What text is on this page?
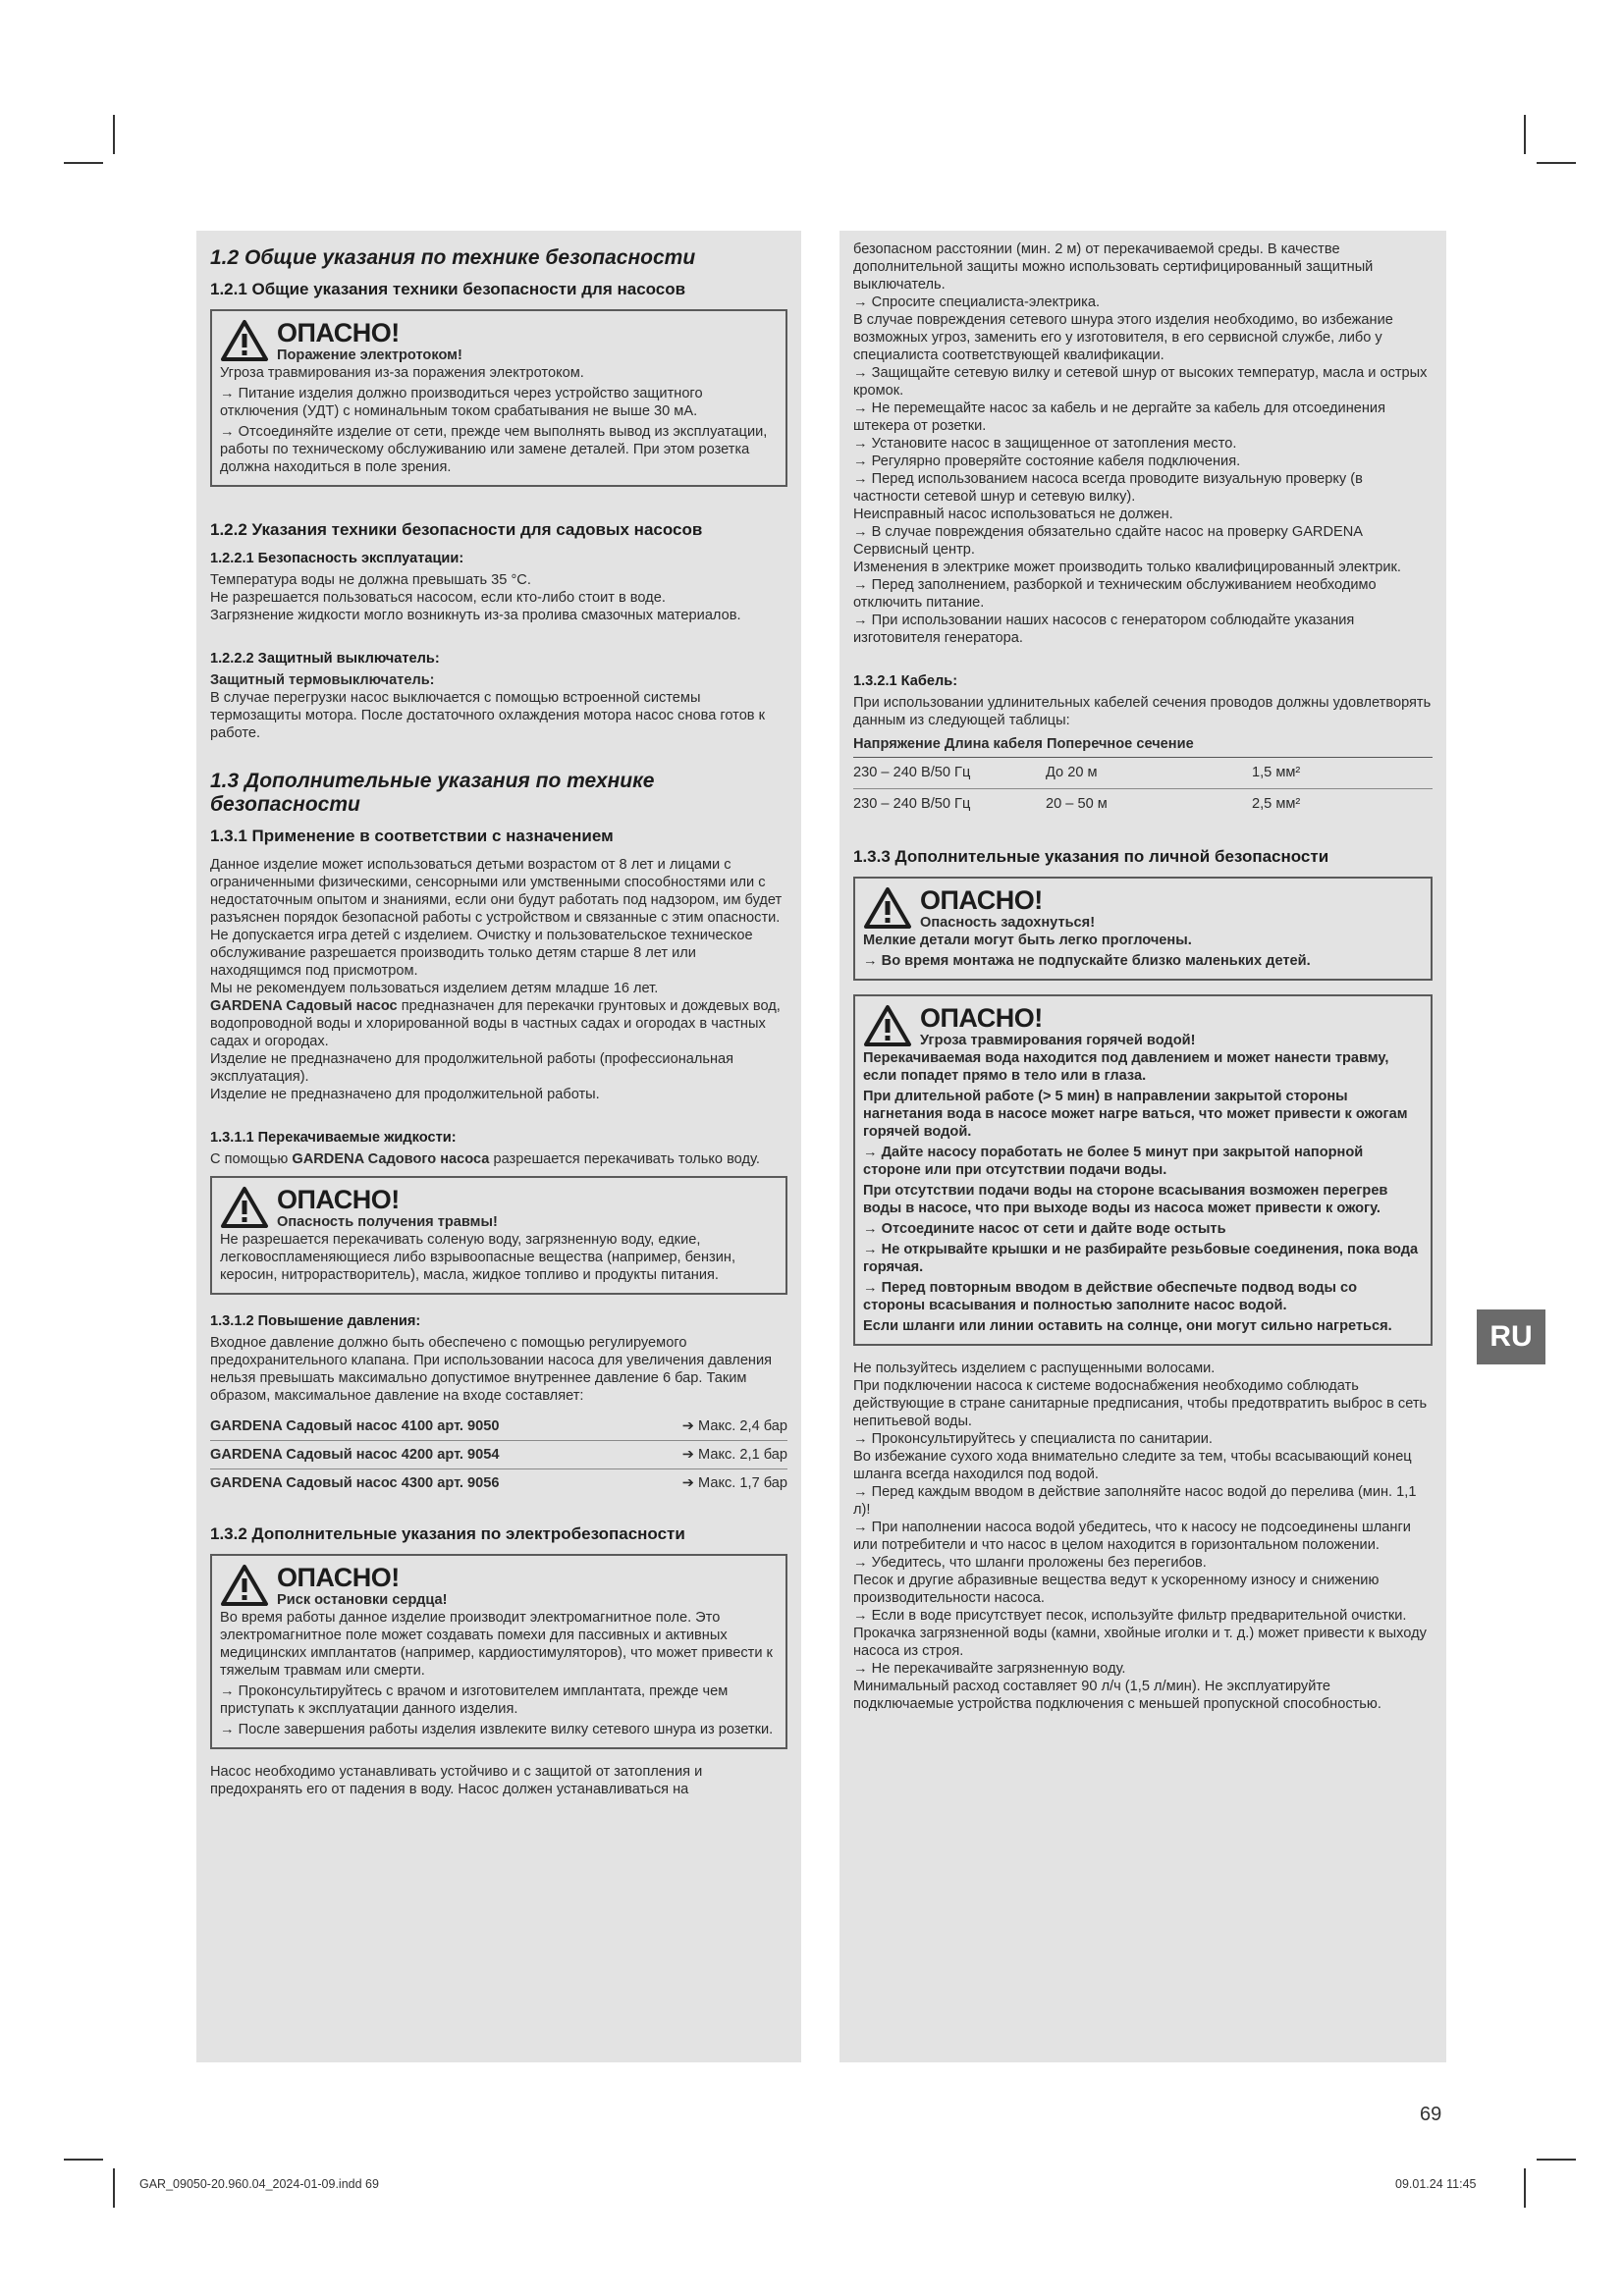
1.2 Общие указания по технике безопасности
1.2.1 Общие указания техники безопасности для насосов
ОПАСНО!
Поражение электротоком!

Угроза травмирования из-за поражения электротоком.

→ Питание изделия должно производиться через устройство защитного отключения (УДТ) с номинальным током срабатывания не выше 30 мА.

→ Отсоединяйте изделие от сети, прежде чем выполнять вывод из эксплуатации, работы по техническому обслуживанию или замене деталей. При этом розетка должна находиться в поле зрения.

1.2.2 Указания техники безопасности для садовых насосов
1.2.2.1 Безопасность эксплуатации:

Температура воды не должна превышать 35 °C.

Не разрешается пользоваться насосом, если кто-либо стоит в воде.

Загрязнение жидкости могло возникнуть из-за пролива смазочных материалов.

1.2.2.2 Защитный выключатель:

Защитный термовыключатель:

В случае перегрузки насос выключается с помощью встроенной системы термозащиты мотора. После достаточного охлаждения мотора насос снова готов к работе.

1.3 Дополнительные указания по технике безопасности
1.3.1 Применение в соответствии с назначением

Данное изделие может использоваться детьми возрастом от 8 лет и лицами с ограниченными физическими, сенсорными или умственными способностями или с недостаточным опытом и знаниями, если они будут работать под надзором, им будет разъяснен порядок безопасной работы с устройством и связанные с этим опасности. Не допускается игра детей с изделием. Очистку и пользовательское техническое обслуживание разрешается производить только детям старше 8 лет или находящимся под присмотром.

Мы не рекомендуем пользоваться изделием детям младше 16 лет.

GARDENA Садовый насос предназначен для перекачки грунтовых и дождевых вод, водопроводной воды и хлорированной воды в частных садах и огородах в частных садах и огородах.

Изделие не предназначено для продолжительной работы (профессиональная эксплуатация).

Изделие не предназначено для продолжительной работы.

1.3.1.1 Перекачиваемые жидкости:

С помощью GARDENA Садового насоса разрешается перекачивать только воду.

ОПАСНО!
Опасность получения травмы!

Не разрешается перекачивать соленую воду, загрязненную воду, едкие, легковоспламеняющиеся либо взрывоопасные вещества (например, бензин, керосин, нитрорастворитель), масла, жидкое топливо и продукты питания.

1.3.1.2 Повышение давления:

Входное давление должно быть обеспечено с помощью регулируемого предохранительного клапана. При использовании насоса для увеличения давления нельзя превышать максимально допустимое внутреннее давление 6 бар. Таким образом, максимальное давление на входе составляет:

GARDENA Садовый насос 4100 арт. 9050	➔ Макс. 2,4 бар
GARDENA Садовый насос 4200 арт. 9054	➔ Макс. 2,1 бар
GARDENA Садовый насос 4300 арт. 9056	➔ Макс. 1,7 бар
1.3.2 Дополнительные указания по электробезопасности
ОПАСНО!
Риск остановки сердца!

Во время работы данное изделие производит электромагнитное поле. Это электромагнитное поле может создавать помехи для пассивных и активных медицинских имплантатов (например, кардиостимуляторов), что может привести к тяжелым травмам или смерти.

→ Проконсультируйтесь с врачом и изготовителем имплантата, прежде чем приступать к эксплуатации данного изделия.

→ После завершения работы изделия извлеките вилку сетевого шнура из розетки.

Насос необходимо устанавливать устойчиво и с защитой от затопления и предохранять его от падения в воду. Насос должен устанавливаться на

безопасном расстоянии (мин. 2 м) от перекачиваемой среды. В качестве дополнительной защиты можно использовать сертифицированный защитный выключатель.

→ Спросите специалиста-электрика.

В случае повреждения сетевого шнура этого изделия необходимо, во избежание возможных угроз, заменить его у изготовителя, в его сервисной службе, либо у специалиста соответствующей квалификации.

→ Защищайте сетевую вилку и сетевой шнур от высоких температур, масла и острых кромок.

→ Не перемещайте насос за кабель и не дергайте за кабель для отсоединения штекера от розетки.

→ Установите насос в защищенное от затопления место.

→ Регулярно проверяйте состояние кабеля подключения.

→ Перед использованием насоса всегда проводите визуальную проверку (в частности сетевой шнур и сетевую вилку).

Неисправный насос использоваться не должен.

→ В случае повреждения обязательно сдайте насос на проверку GARDENA Сервисный центр.

Изменения в электрике может производить только квалифицированный электрик.

→ Перед заполнением, разборкой и техническим обслуживанием необходимо отключить питание.

→ При использовании наших насосов с генератором соблюдайте указания изготовителя генератора.

1.3.2.1 Кабель:

При использовании удлинительных кабелей сечения проводов должны удовлетворять данным из следующей таблицы:

Напряжение Длина кабеля Поперечное сечение
230 – 240 В/50 Гц	До 20 м	1,5 мм²
230 – 240 В/50 Гц	20 – 50 м	2,5 мм²
1.3.3 Дополнительные указания по личной безопасности
ОПАСНО!
Опасность задохнуться!

Мелкие детали могут быть легко проглочены.

→ Во время монтажа не подпускайте близко маленьких детей.

ОПАСНО!
Угроза травмирования горячей водой!

Перекачиваемая вода находится под давлением и может нанести травму, если попадет прямо в тело или в глаза.

При длительной работе (> 5 мин) в направлении закрытой стороны нагнетания вода в насосе может нагре ваться, что может привести к ожогам горячей водой.

→ Дайте насосу поработать не более 5 минут при закрытой напорной стороне или при отсутствии подачи воды.

При отсутствии подачи воды на стороне всасывания возможен перегрев воды в насосе, что при выходе воды из насоса может привести к ожогу.

→ Отсоедините насос от сети и дайте воде остыть

→ Не открывайте крышки и не разбирайте резьбовые соединения, пока вода горячая.

→ Перед повторным вводом в действие обеспечьте подвод воды со стороны всасывания и полностью заполните насос водой.

Если шланги или линии оставить на солнце, они могут сильно нагреться.

Не пользуйтесь изделием с распущенными волосами.

При подключении насоса к системе водоснабжения необходимо соблюдать действующие в стране санитарные предписания, чтобы предотвратить выброс в сеть непитьевой воды.

→ Проконсультируйтесь у специалиста по санитарии.

Во избежание сухого хода внимательно следите за тем, чтобы всасывающий конец шланга всегда находился под водой.

→ Перед каждым вводом в действие заполняйте насос водой до перелива (мин. 1,1 л)!

→ При наполнении насоса водой убедитесь, что к насосу не подсоединены шланги или потребители и что насос в целом находится в горизонтальном положении.

→ Убедитесь, что шланги проложены без перегибов.

Песок и другие абразивные вещества ведут к ускоренному износу и снижению производительности насоса.

→ Если в воде присутствует песок, используйте фильтр предварительной очистки.

Прокачка загрязненной воды (камни, хвойные иголки и т. д.) может привести к выходу насоса из строя.

→ Не перекачивайте загрязненную воду.

Минимальный расход составляет 90 л/ч (1,5 л/мин). Не эксплуатируйте подключаемые устройства подключения с меньшей пропускной способностью.

RU
69
GAR_09050-20.960.04_2024-01-09.indd 69	09.01.24 11:45
